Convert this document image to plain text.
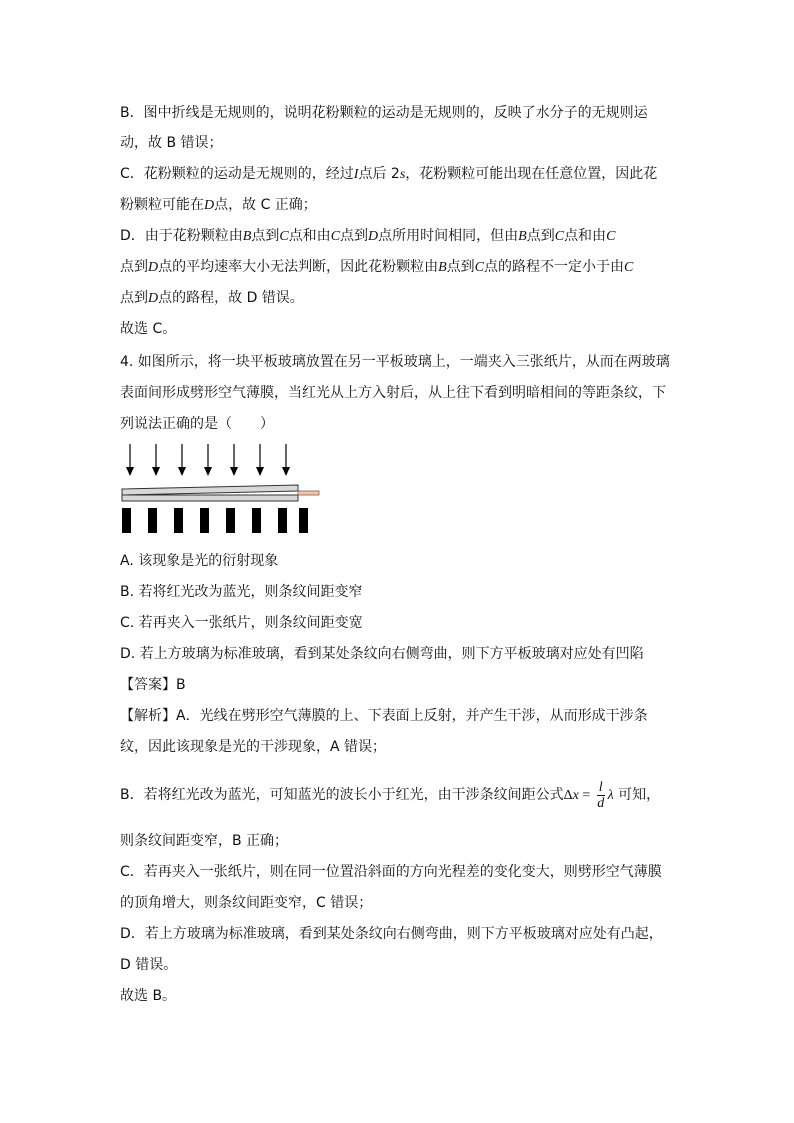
B．图中折线是无规则的，说明花粉颗粒的运动是无规则的，反映了水分子的无规则运
动，故 B 错误；
C．花粉颗粒的运动是无规则的，经过I点后 2s，花粉颗粒可能出现在任意位置，因此花
粉颗粒可能在D点，故 C 正确；
D．由于花粉颗粒由B点到C点和由C点到D点所用时间相同，但由B点到C点和由C
点到D点的平均速率大小无法判断，因此花粉颗粒由B点到C点的路程不一定小于由C
点到D点的路程，故 D 错误。
故选 C。
4. 如图所示，将一块平板玻璃放置在另一平板玻璃上，一端夹入三张纸片，从而在两玻璃
表面间形成劈形空气薄膜，当红光从上方入射后，从上往下看到明暗相间的等距条纹，下
列说法正确的是（　　）
A. 该现象是光的衍射现象
B. 若将红光改为蓝光，则条纹间距变窄
C. 若再夹入一张纸片，则条纹间距变宽
D. 若上方玻璃为标准玻璃，看到某处条纹向右侧弯曲，则下方平板玻璃对应处有凹陷
【答案】B
【解析】A．光线在劈形空气薄膜的上、下表面上反射，并产生干涉，从而形成干涉条
纹，因此该现象是光的干涉现象，A 错误；
B．若将红光改为蓝光，可知蓝光的波长小于红光，由干涉条纹间距公式$\Delta x = \frac{l}{d}$ λ 可知，
则条纹间距变窄，B 正确；
C．若再夹入一张纸片，则在同一位置沿斜面的方向光程差的变化变大，则劈形空气薄膜
的顶角增大，则条纹间距变窄，C 错误；
D．若上方玻璃为标准玻璃，看到某处条纹向右侧弯曲，则下方平板玻璃对应处有凸起，
D 错误。
故选 B。
